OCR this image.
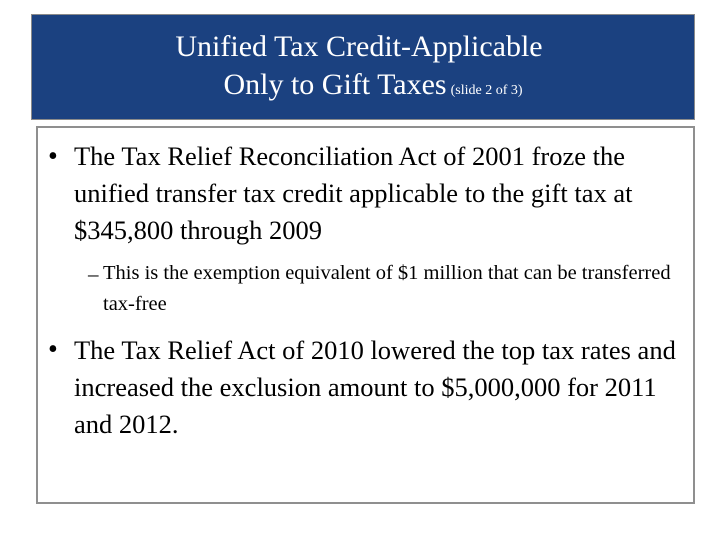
Unified Tax Credit-Applicable
Only to Gift Taxes (slide 2 of 3)
• The Tax Relief Reconciliation Act of 2001 froze the unified transfer tax credit applicable to the gift tax at $345,800 through 2009
– This is the exemption equivalent of $1 million that can be transferred tax-free
• The Tax Relief Act of 2010 lowered the top tax rates and increased the exclusion amount to $5,000,000 for 2011 and 2012.
